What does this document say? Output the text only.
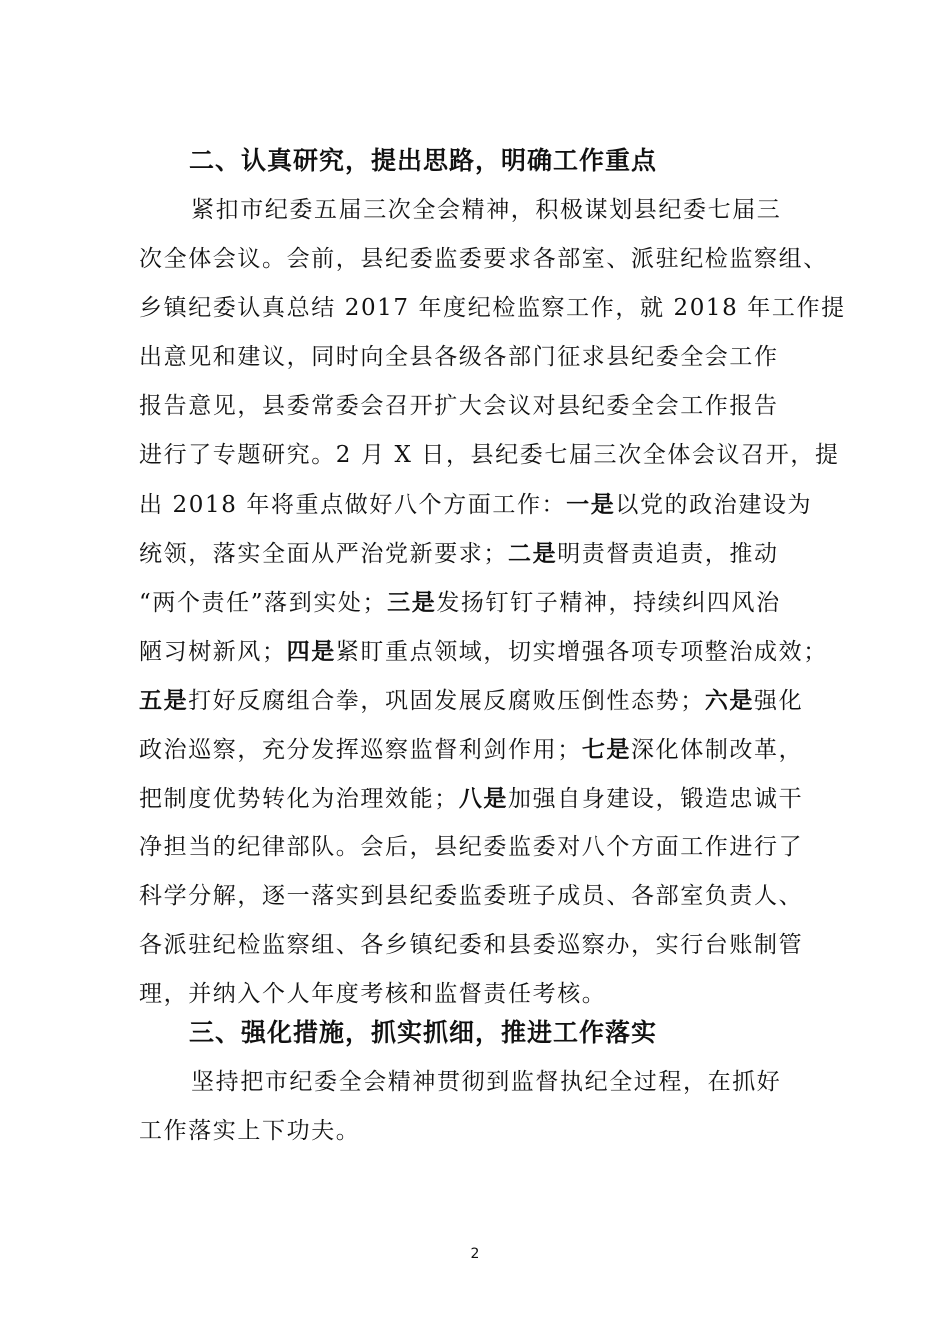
二、认真研究，提出思路，明确工作重点
紧扣市纪委五届三次全会精神，积极谋划县纪委七届三
次全体会议。会前，县纪委监委要求各部室、派驻纪检监察组、
乡镇纪委认真总结 2017 年度纪检监察工作，就 2018 年工作提
出意见和建议，同时向全县各级各部门征求县纪委全会工作
报告意见，县委常委会召开扩大会议对县纪委全会工作报告
进行了专题研究。2 月 X 日，县纪委七届三次全体会议召开，提
出 2018 年将重点做好八个方面工作：一是以党的政治建设为
统领，落实全面从严治党新要求；二是明责督责追责，推动
“两个责任”落到实处；三是发扬钉钉子精神，持续纠四风治
陋习树新风；四是紧盯重点领域，切实增强各项专项整治成效；
五是打好反腐组合拳，巩固发展反腐败压倒性态势；六是强化
政治巡察，充分发挥巡察监督利剑作用；七是深化体制改革，
把制度优势转化为治理效能；八是加强自身建设，锻造忠诚干
净担当的纪律部队。会后，县纪委监委对八个方面工作进行了
科学分解，逐一落实到县纪委监委班子成员、各部室负责人、
各派驻纪检监察组、各乡镇纪委和县委巡察办，实行台账制管
理，并纳入个人年度考核和监督责任考核。
三、强化措施，抓实抓细，推进工作落实
坚持把市纪委全会精神贯彻到监督执纪全过程，在抓好
工作落实上下功夫。
2
